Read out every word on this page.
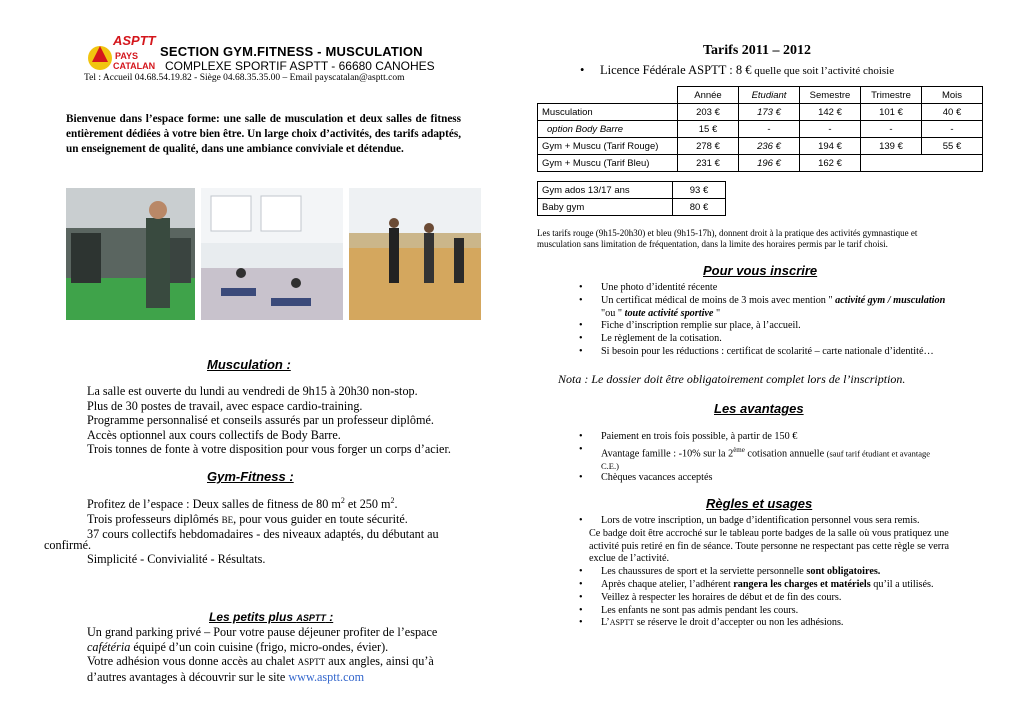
ASPTT
PAYS
CATALAN
SECTION GYM.FITNESS - MUSCULATION
COMPLEXE SPORTIF ASPTT - 66680 CANOHES
Tel : Accueil 04.68.54.19.82 - Siège 04.68.35.35.00 – Email payscatalan@asptt.com
Bienvenue dans l’espace forme: une salle de musculation et deux salles de fitness entièrement dédiées à votre bien être. Un large choix d’activités, des tarifs adaptés, un enseignement de qualité, dans une ambiance conviviale et détendue.
Musculation :
La salle est ouverte du lundi au vendredi de 9h15 à 20h30 non-stop.
Plus de 30 postes de travail, avec espace cardio-training.
Programme personnalisé et conseils assurés par un professeur diplômé.
Accès optionnel aux cours collectifs de Body Barre.
Trois tonnes de fonte à votre disposition pour vous forger un corps d’acier.
Gym-Fitness :
Profitez de l’espace : Deux salles de fitness de 80 $m^2$ et 250 $m^2$.
Trois professeurs diplômés BE, pour vous guider en toute sécurité.
37 cours collectifs hebdomadaires - des niveaux adaptés, du débutant au
confirmé.
Simplicité - Convivialité - Résultats.
Les petits plus ASPTT :
Un grand parking privé – Pour votre pause déjeuner profiter de l’espace
cafétéria équipé d’un coin cuisine (frigo, micro-ondes, évier).
Votre adhésion vous donne accès au chalet ASPTT aux angles, ainsi qu’à
d’autres avantages à découvrir sur le site www.asptt.com
Tarifs 2011 – 2012
• Licence Fédérale ASPTT : 8 € quelle que soit l’activité choisie
	Année	Etudiant	Semestre	Trimestre	Mois
Musculation	203 €	173 €	142 €	101 €	40 €
option Body Barre	15 €	-	-	-	-
Gym + Muscu (Tarif Rouge)	278 €	236 €	194 €	139 €	55 €
Gym + Muscu (Tarif Bleu)	231 €	196 €	162 €		
Gym ados 13/17 ans	93 €
Baby gym	80 €
Les tarifs rouge (9h15-20h30) et bleu (9h15-17h), donnent droit à la pratique des activités gymnastique et musculation sans limitation de fréquentation, dans la limite des horaires permis par le tarif choisi.
Pour vous inscrire
• Une photo d’identité récente
• Un certificat médical de moins de 3 mois avec mention " activité gym / musculation
"ou " toute activité sportive "
• Fiche d’inscription remplie sur place, à l’accueil.
• Le règlement de la cotisation.
• Si besoin pour les réductions : certificat de scolarité – carte nationale d’identité…
Nota : Le dossier doit être obligatoirement complet lors de l’inscription.
Les avantages
• Paiement en trois fois possible, à partir de 150 €
• Avantage famille : -10% sur la 2ème cotisation annuelle (sauf tarif étudiant et avantage
C.E.)
• Chèques vacances acceptés
Règles et usages
• Lors de votre inscription, un badge d’identification personnel vous sera remis.
Ce badge doit être accroché sur le tableau porte badges de la salle où vous pratiquez une
activité puis retiré en fin de séance. Toute personne ne respectant pas cette règle se verra
exclue de l’activité.
• Les chaussures de sport et la serviette personnelle sont obligatoires.
• Après chaque atelier, l’adhérent rangera les charges et matériels qu’il a utilisés.
• Veillez à respecter les horaires de début et de fin des cours.
• Les enfants ne sont pas admis pendant les cours.
• L’ASPTT se réserve le droit d’accepter ou non les adhésions.
